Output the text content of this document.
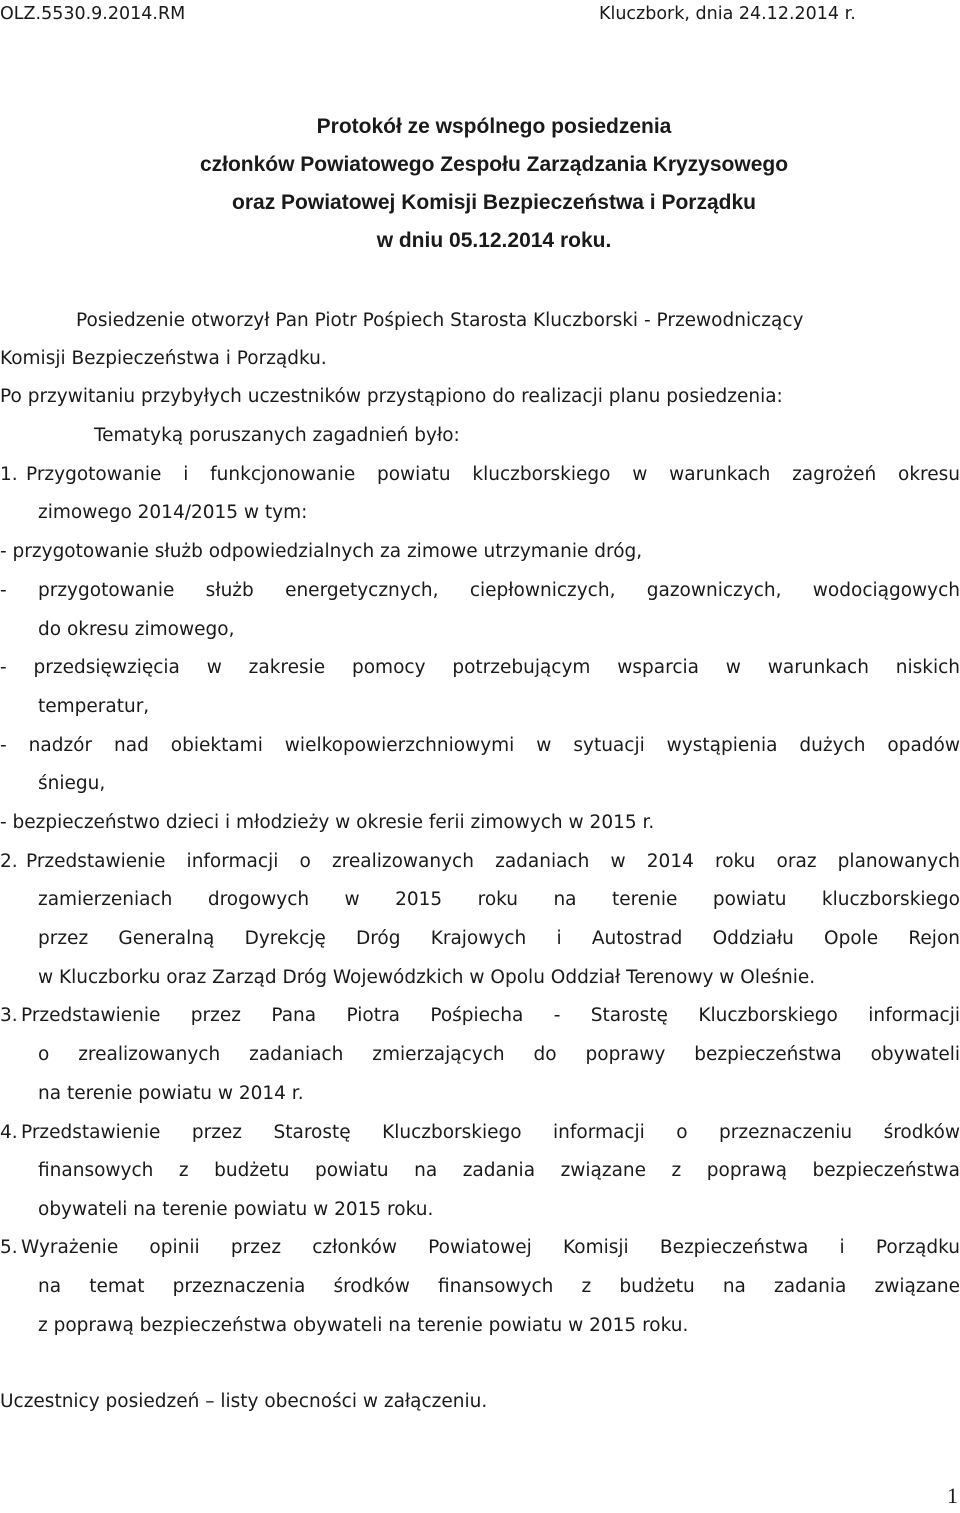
OLZ.5530.9.2014.RM	Kluczbork, dnia 24.12.2014 r.
Protokół ze wspólnego posiedzenia
członków Powiatowego Zespołu Zarządzania Kryzysowego
oraz Powiatowej Komisji Bezpieczeństwa i Porządku
w dniu 05.12.2014 roku.
Posiedzenie otworzył Pan Piotr Pośpiech Starosta Kluczborski - Przewodniczący
Komisji Bezpieczeństwa i Porządku.
Po przywitaniu przybyłych uczestników przystąpiono do realizacji planu posiedzenia:
Tematyką poruszanych zagadnień było:
1. Przygotowanie i funkcjonowanie powiatu kluczborskiego w warunkach zagrożeń okresu
zimowego 2014/2015 w tym:
- przygotowanie służb odpowiedzialnych za zimowe utrzymanie dróg,
- przygotowanie służb energetycznych, ciepłowniczych, gazowniczych, wodociągowych
do okresu zimowego,
- przedsięwzięcia w zakresie pomocy potrzebującym wsparcia w warunkach niskich
temperatur,
- nadzór nad obiektami wielkopowierzchniowymi w sytuacji wystąpienia dużych opadów
śniegu,
- bezpieczeństwo dzieci i młodzieży w okresie ferii zimowych w 2015 r.
2. Przedstawienie informacji o zrealizowanych zadaniach w 2014 roku oraz planowanych
zamierzeniach drogowych w 2015 roku na terenie powiatu kluczborskiego
przez Generalną Dyrekcję Dróg Krajowych i Autostrad Oddziału Opole Rejon
w Kluczborku oraz Zarząd Dróg Wojewódzkich w Opolu Oddział Terenowy w Oleśnie.
3. Przedstawienie przez Pana Piotra Pośpiecha - Starostę Kluczborskiego informacji
o zrealizowanych zadaniach zmierzających do poprawy bezpieczeństwa obywateli
na terenie powiatu w 2014 r.
4. Przedstawienie przez Starostę Kluczborskiego informacji o przeznaczeniu środków
finansowych z budżetu powiatu na zadania związane z poprawą bezpieczeństwa
obywateli na terenie powiatu w 2015 roku.
5. Wyrażenie opinii przez członków Powiatowej Komisji Bezpieczeństwa i Porządku
na temat przeznaczenia środków finansowych z budżetu na zadania związane
z poprawą bezpieczeństwa obywateli na terenie powiatu w 2015 roku.
Uczestnicy posiedzeń – listy obecności w załączeniu.
1
